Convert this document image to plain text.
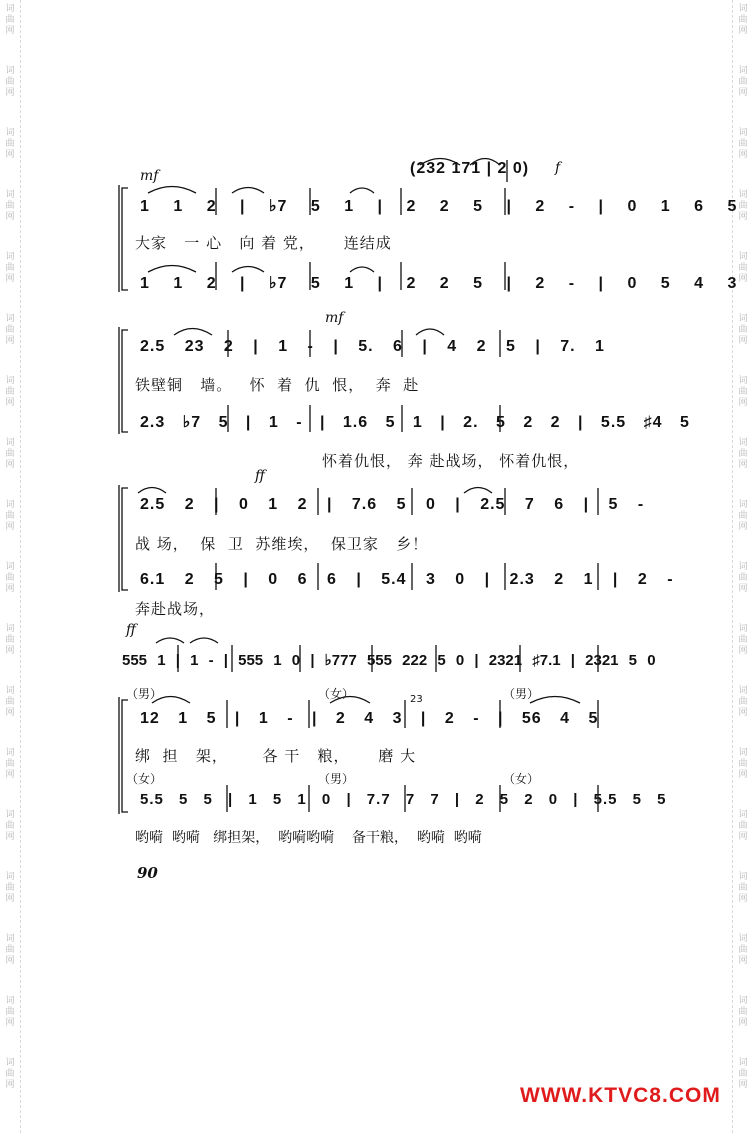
词
曲
网
词
曲
网
词
曲
网
词
曲
网
词
曲
网
词
曲
网
词
曲
网
词
曲
网
词
曲
网
词
曲
网
词
曲
网
词
曲
网
词
曲
网
词
曲
网
词
曲
网
词
曲
网
词
曲
网
词
曲
网
词
曲
网
词
曲
网
词
曲
网
词
曲
网
词
曲
网
词
曲
网
词
曲
网
词
曲
网
词
曲
网
词
曲
网
词
曲
网
词
曲
网
词
曲
网
词
曲
网
词
曲
网
词
曲
网
词
曲
网
词
曲
网
(232 171 | 2 0) f
mf
1 1 2 | ♭7 5 1 | 2 2 5 | 2 - | 0 1 6 5
大家   一 心   向 着 党，     连结成
1 1 2 | ♭7 5 1 | 2 2 5 | 2 - | 0 5 4 3
mf
2.5 23 2 | 1 - | 5. 6 | 4 2 5 | 7. 1
铁壁铜   墙。   怀  着  仇  恨，  奔  赴
2.3 ♭7 5 | 1 - | 1.6 5 1 | 2. 5 2 2 | 5.5 ♯4 5
怀着仇恨， 奔 赴战场， 怀着仇恨，
ff
2.5 2 | 0 1 2 | 7.6 5 0 | 2.5 7 6 | 5 -
战 场，  保  卫  苏维埃，  保卫家   乡！
6.1 2 5 | 0 6 6 | 5.4 3 0 | 2.3 2 1 | 2 -
奔赴战场，
ff
555 1 | 1 - | 555 1 0 | ♭777 555 222 5 0 | 2321 ♯7.1 | 2321 5 0
（男）	（女）	（男）
23
12 1 5 | 1 - | 2 4 3 | 2 - | 56 4 5
绑  担   架，      各 干   粮，     磨 大
（女）	（男）	（女）
5.5 5 5 | 1 5 1 0 | 7.7 7 7 | 2 5 2 0 | 5.5 5 5
哟嗬  哟嗬   绑担架，  哟嗬哟嗬    备干粮，  哟嗬  哟嗬
90
WWW.KTVC8.COM
